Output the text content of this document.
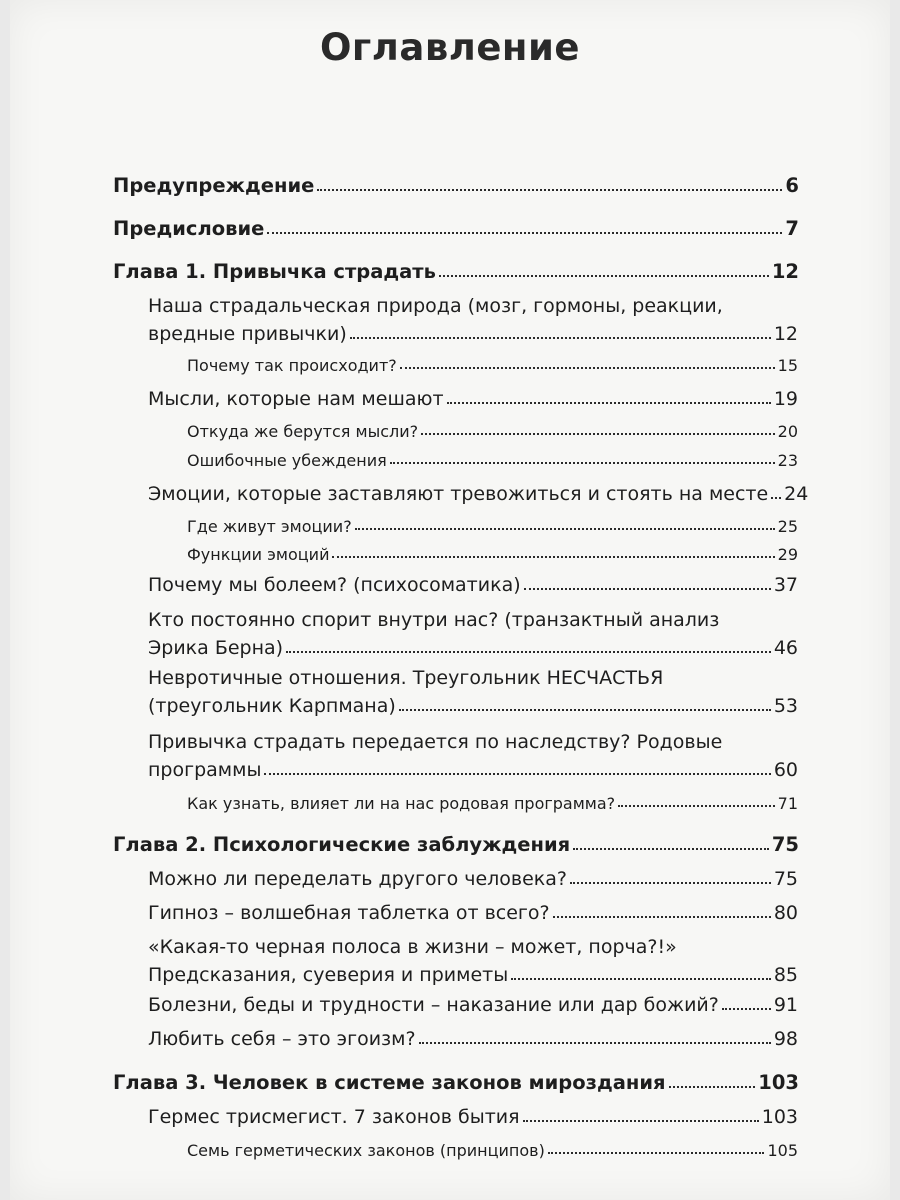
Оглавление
Предупреждение	6
Предисловие	7
Глава 1. Привычка страдать	12
Наша страдальческая природа (мозг, гормоны, реакции,
вредные привычки)	12
Почему так происходит?	15
Мысли, которые нам мешают	19
Откуда же берутся мысли?	20
Ошибочные убеждения	23
Эмоции, которые заставляют тревожиться и стоять на месте 24
Где живут эмоции?	25
Функции эмоций	29
Почему мы болеем? (психосоматика)	37
Кто постоянно спорит внутри нас? (транзактный анализ
Эрика Берна)	46
Невротичные отношения. Треугольник НЕСЧАСТЬЯ
(треугольник Карпмана)	53
Привычка страдать передается по наследству? Родовые
программы	60
Как узнать, влияет ли на нас родовая программа?	71
Глава 2. Психологические заблуждения	75
Можно ли переделать другого человека?	75
Гипноз – волшебная таблетка от всего?	80
«Какая-то черная полоса в жизни – может, порча?!»
Предсказания, суеверия и приметы	85
Болезни, беды и трудности – наказание или дар божий?	91
Любить себя – это эгоизм?	98
Глава 3. Человек в системе законов мироздания	103
Гермес трисмегист. 7 законов бытия	103
Семь герметических законов (принципов)	105
